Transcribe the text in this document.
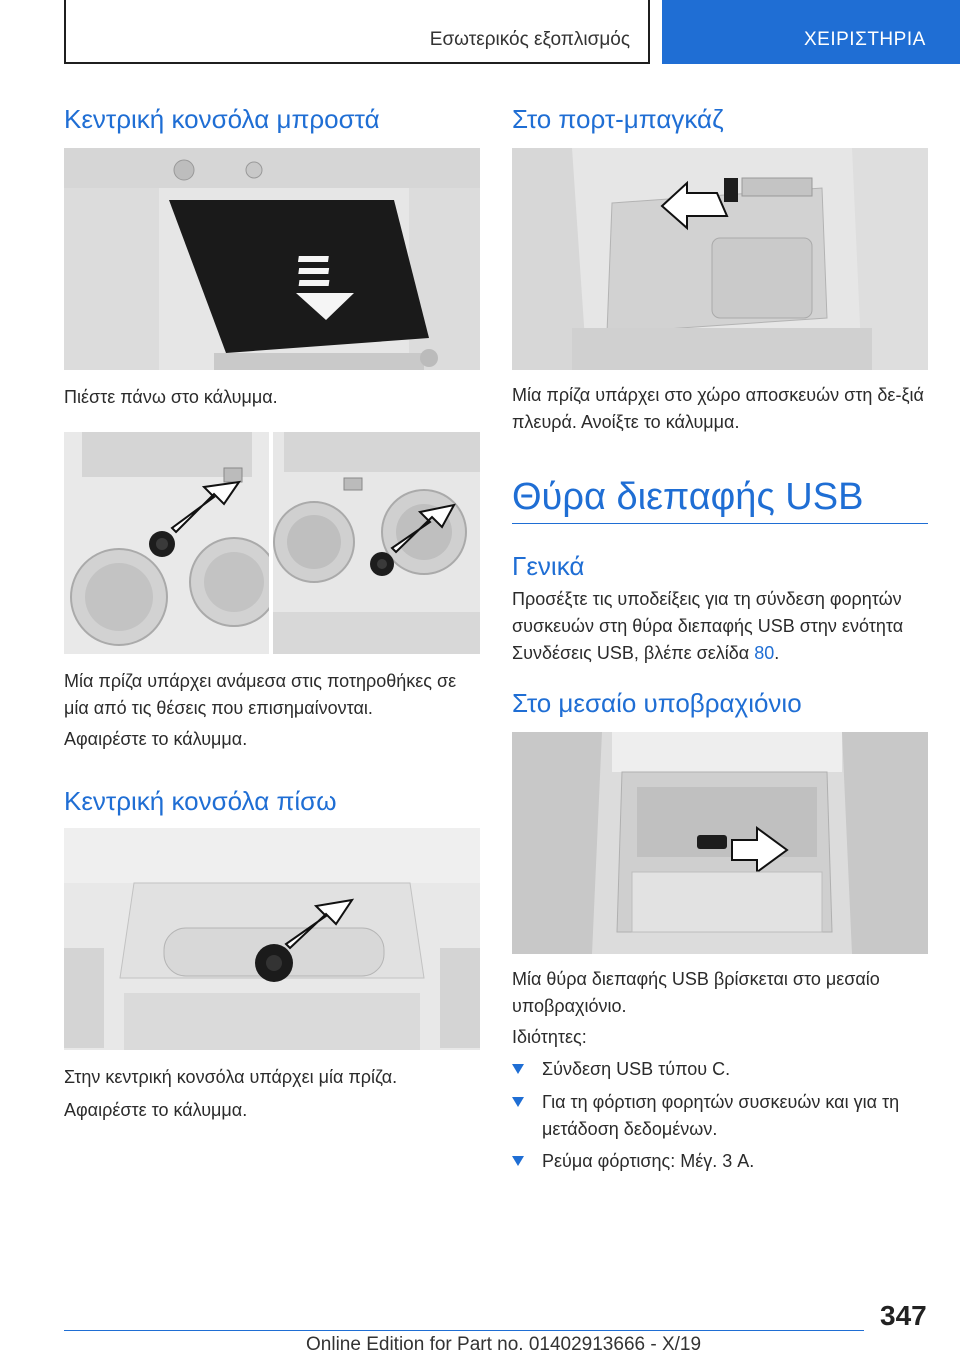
Εσωτερικός εξοπλισμός	ΧΕΙΡΙΣΤΗΡΙΑ
Κεντρική κονσόλα μπροστά
Πιέστε πάνω στο κάλυμμα.
Μία πρίζα υπάρχει ανάμεσα στις ποτηροθήκες σε μία από τις θέσεις που επισημαίνονται.
Αφαιρέστε το κάλυμμα.
Κεντρική κονσόλα πίσω
Στην κεντρική κονσόλα υπάρχει μία πρίζα.
Αφαιρέστε το κάλυμμα.
Στο πορτ-μπαγκάζ
Μία πρίζα υπάρχει στο χώρο αποσκευών στη δε-ξιά πλευρά. Ανοίξτε το κάλυμμα.
Θύρα διεπαφής USB
Γενικά
Προσέξτε τις υποδείξεις για τη σύνδεση φορητών συσκευών στη θύρα διεπαφής USB στην ενότητα Συνδέσεις USB, βλέπε σελίδα 80.
Στο μεσαίο υποβραχιόνιο
Μία θύρα διεπαφής USB βρίσκεται στο μεσαίο υποβραχιόνιο.
Ιδιότητες:
Σύνδεση USB τύπου C.
Για τη φόρτιση φορητών συσκευών και για τη μετάδοση δεδομένων.
Ρεύμα φόρτισης: Μέγ. 3 A.
347
Online Edition for Part no. 01402913666 - X/19
